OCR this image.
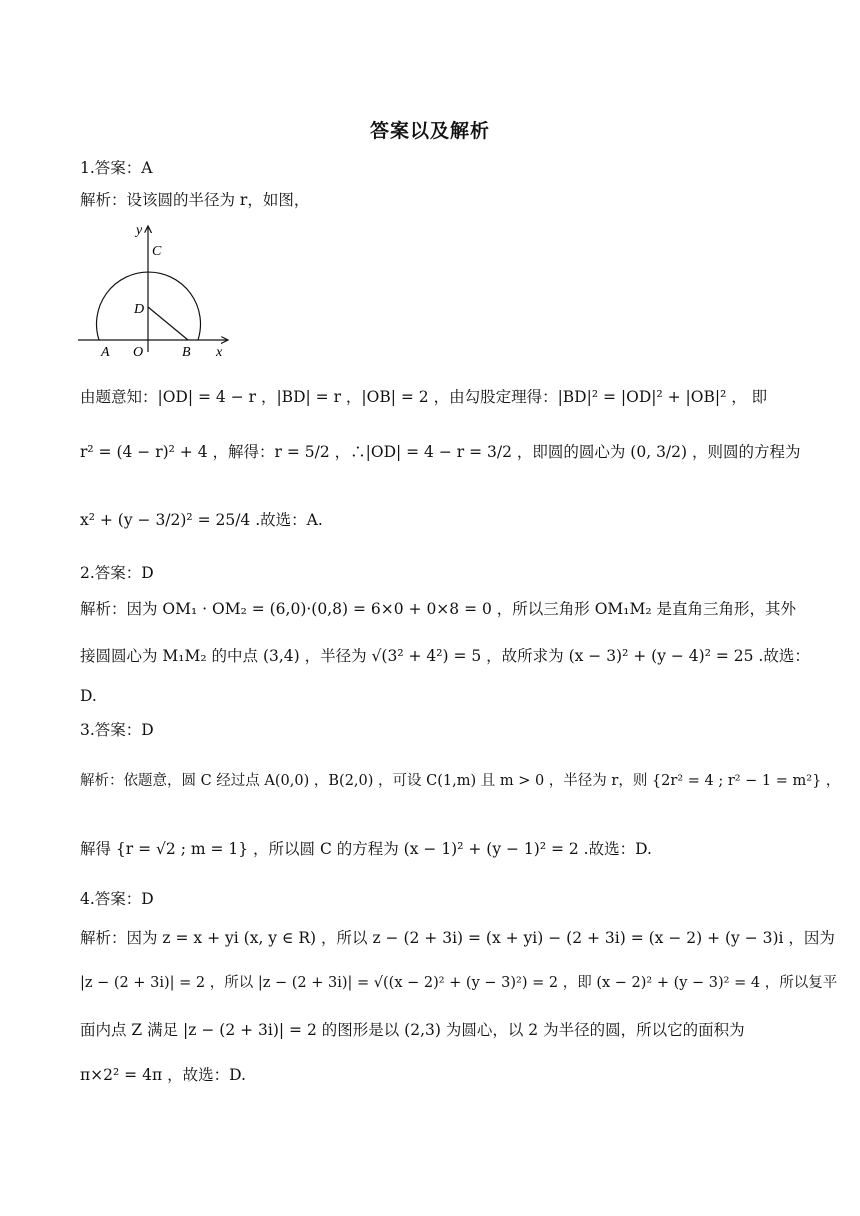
答案以及解析
1.答案：A
解析：设该圆的半径为 r，如图，
y
C
D
A O	B x
由题意知：|OD| = 4 − r ，|BD| = r ，|OB| = 2 ，由勾股定理得：|BD|² = |OD|² + |OB|² ， 即
r² = (4 − r)² + 4 ，解得：r = 5/2 ，∴|OD| = 4 − r = 3/2 ，即圆的圆心为 (0, 3/2) ，则圆的方程为
x² + (y − 3/2)² = 25/4 .故选：A.
2.答案：D
解析：因为 OM₁ · OM₂ = (6,0)·(0,8) = 6×0 + 0×8 = 0 ，所以三角形 OM₁M₂ 是直角三角形，其外
接圆圆心为 M₁M₂ 的中点 (3,4) ，半径为 √(3² + 4²) = 5 ，故所求为 (x − 3)² + (y − 4)² = 25 .故选：
D.
3.答案：D
解析：依题意，圆 C 经过点 A(0,0) ，B(2,0) ，可设 C(1,m) 且 m > 0 ，半径为 r，则 {2r² = 4 ; r² − 1 = m²} ，
解得 {r = √2 ; m = 1} ，所以圆 C 的方程为 (x − 1)² + (y − 1)² = 2 .故选：D.
4.答案：D
解析：因为 z = x + yi (x, y ∈ R) ，所以 z − (2 + 3i) = (x + yi) − (2 + 3i) = (x − 2) + (y − 3)i ，因为
|z − (2 + 3i)| = 2 ，所以 |z − (2 + 3i)| = √((x − 2)² + (y − 3)²) = 2 ，即 (x − 2)² + (y − 3)² = 4 ，所以复平
面内点 Z 满足 |z − (2 + 3i)| = 2 的图形是以 (2,3) 为圆心，以 2 为半径的圆，所以它的面积为
π×2² = 4π ，故选：D.
